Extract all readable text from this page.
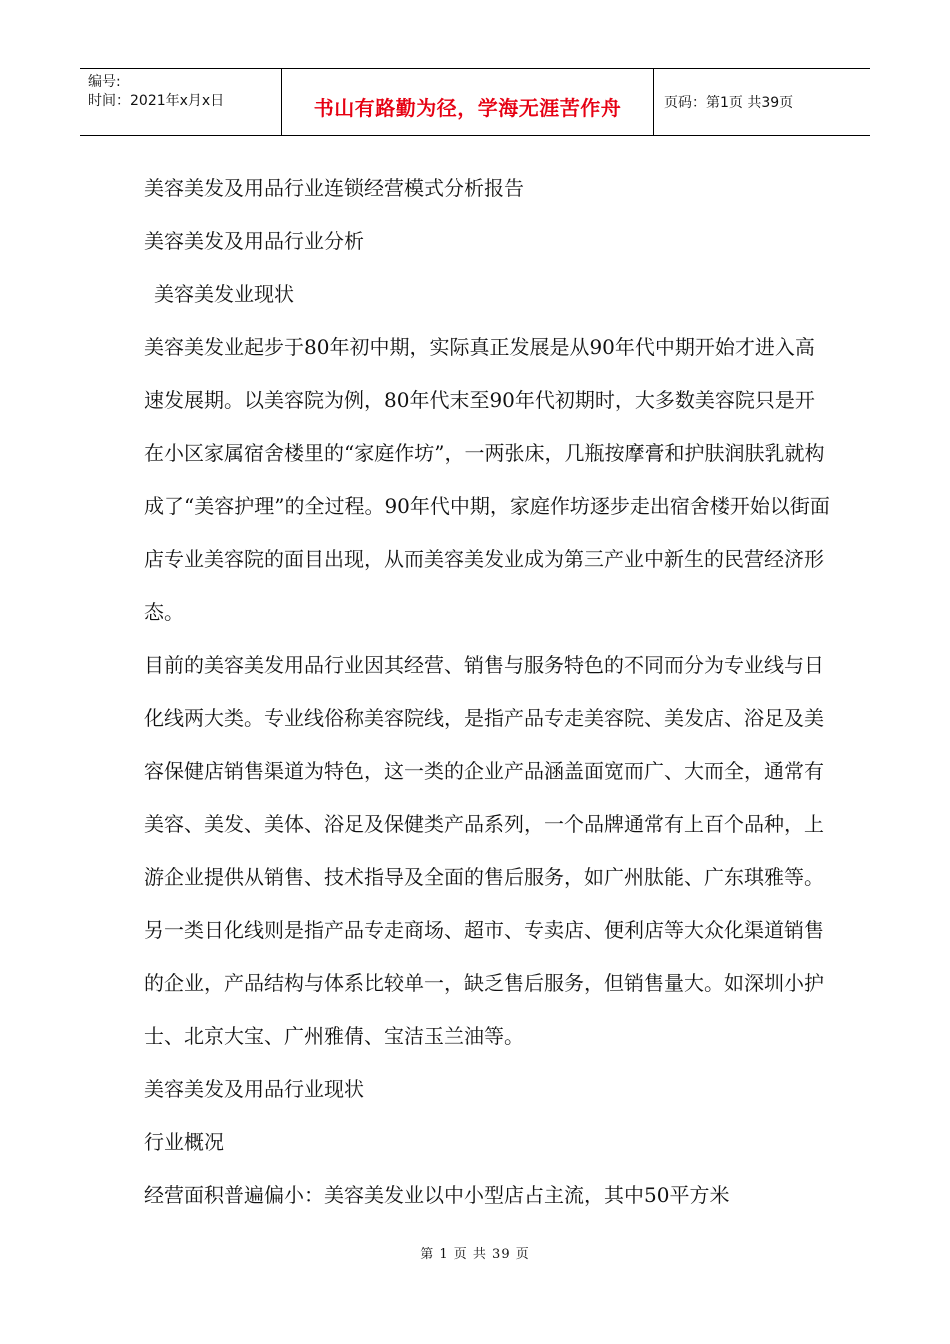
编号:
时间：2021年x月x日	书山有路勤为径，学海无涯苦作舟	页码：第1页 共39页

美容美发及用品行业连锁经营模式分析报告

美容美发及用品行业分析

美容美发业现状

美容美发业起步于80年初中期，实际真正发展是从90年代中期开始才进入高速发展期。以美容院为例，80年代末至90年代初期时，大多数美容院只是开在小区家属宿舍楼里的“家庭作坊”，一两张床，几瓶按摩膏和护肤润肤乳就构成了“美容护理”的全过程。90年代中期，家庭作坊逐步走出宿舍楼开始以街面店专业美容院的面目出现，从而美容美发业成为第三产业中新生的民营经济形态。

目前的美容美发用品行业因其经营、销售与服务特色的不同而分为专业线与日化线两大类。专业线俗称美容院线，是指产品专走美容院、美发店、浴足及美容保健店销售渠道为特色，这一类的企业产品涵盖面宽而广、大而全，通常有美容、美发、美体、浴足及保健类产品系列，一个品牌通常有上百个品种，上游企业提供从销售、技术指导及全面的售后服务，如广州肽能、广东琪雅等。另一类日化线则是指产品专走商场、超市、专卖店、便利店等大众化渠道销售的企业，产品结构与体系比较单一，缺乏售后服务，但销售量大。如深圳小护士、北京大宝、广州雅倩、宝洁玉兰油等。

美容美发及用品行业现状

行业概况

经营面积普遍偏小：美容美发业以中小型店占主流，其中50平方米

第 1 页 共 39 页
